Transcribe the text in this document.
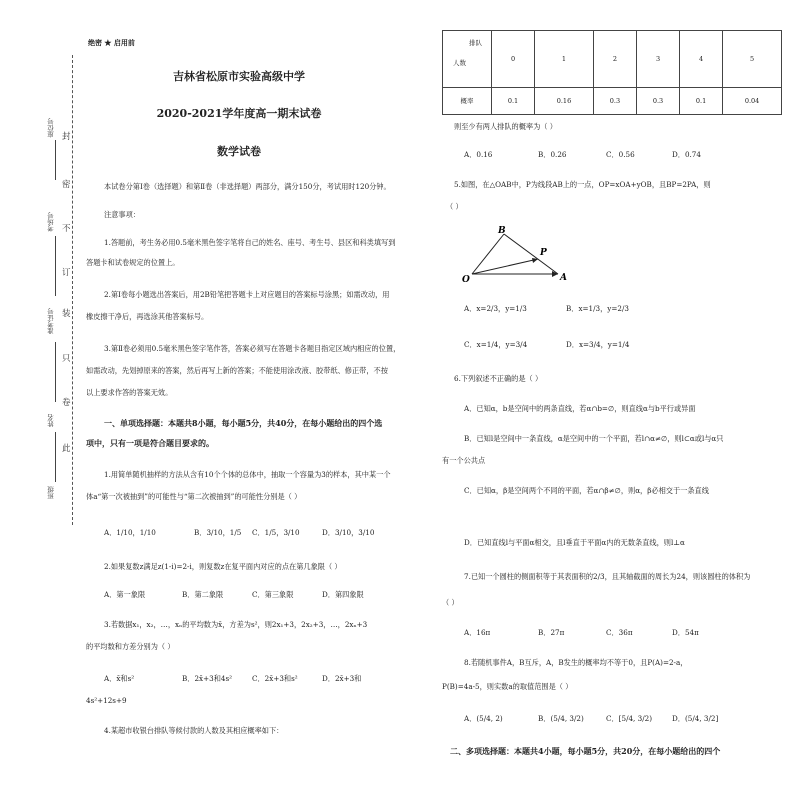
封
密
不
订
装
只
卷
此
座位号
考场号
准考证号
姓名
班级
绝密 ★ 启用前
吉林省松原市实验高级中学
2020-2021学年度高一期末试卷
数学试卷
本试卷分第Ⅰ卷（选择题）和第Ⅱ卷（非选择题）两部分，满分150分，考试用时120分钟。
注意事项：
1.答题前，考生务必用0.5毫米黑色签字笔将自己的姓名、座号、考生号、县区和科类填写到
答题卡和试卷规定的位置上。
2.第Ⅰ卷每小题选出答案后，用2B铅笔把答题卡上对应题目的答案标号涂黑；如需改动，用
橡皮擦干净后，再选涂其他答案标号。
3.第Ⅱ卷必须用0.5毫米黑色签字笔作答，答案必须写在答题卡各题目指定区域内相应的位置，
如需改动，先划掉原来的答案，然后再写上新的答案；不能使用涂改液、胶带纸、修正带，不按
以上要求作答的答案无效。
一、单项选择题：本题共8小题，每小题5分，共40分，在每小题给出的四个选
项中，只有一项是符合题目要求的。
1.用简单随机抽样的方法从含有10个个体的总体中，抽取一个容量为3的样本，其中某一个
体a“第一次被抽到”的可能性与“第二次被抽到”的可能性分别是（ ）
A．1/10，1/10	B．3/10，1/5 C．1/5，3/10	D．3/10，3/10
2.如果复数z满足z(1-i)=2-i，则复数z在复平面内对应的点在第几象限（ ）
A．第一象限	B．第二象限	C．第三象限	D．第四象限
3.若数据x₁，x₂，…，xₙ的平均数为x̄，方差为s²，则2x₁+3，2x₂+3，…，2xₙ+3
的平均数和方差分别为（ ）
A．x̄和s²	B．2x̄+3和4s²	C．2x̄+3和s²	D．2x̄+3和
4s²+12s+9
4.某超市收银台排队等候付款的人数及其相应概率如下：
排队
人数	0	1	2	3	4	5
概率	0.1	0.16	0.3	0.3	0.1	0.04
则至少有两人排队的概率为（ ）
A．0.16	B．0.26	C．0.56	D．0.74
5.如图，在△OAB中，P为线段AB上的一点，OP=xOA+yOB，且BP=2PA，则
（ ）
B
P
O	A
A．x=2/3，y=1/3	B．x=1/3，y=2/3
C．x=1/4，y=3/4	D．x=3/4，y=1/4
6.下列叙述不正确的是（ ）
A．已知α，b是空间中的两条直线，若α∩b=∅，则直线α与b平行或异面
B．已知l是空间中一条直线，α是空间中的一个平面，若l∩α≠∅，则l⊂α或l与α只
有一个公共点
C．已知α，β是空间两个不同的平面，若α∩β≠∅，则α，β必相交于一条直线
D．已知直线l与平面α相交，且l垂直于平面α内的无数条直线，则l⊥α
7.已知一个圆柱的侧面积等于其表面积的2/3，且其轴截面的周长为24，则该圆柱的体积为
（ ）
A．16π	B．27π	C．36π	D．54π
8.若随机事件A，B互斥，A，B发生的概率均不等于0，且P(A)=2-a，
P(B)=4a-5，则实数a的取值范围是（ ）
A．(5/4, 2)	B．(5/4, 3/2)	C．[5/4, 3/2)	D．(5/4, 3/2]
二、多项选择题：本题共4小题，每小题5分，共20分，在每小题给出的四个
